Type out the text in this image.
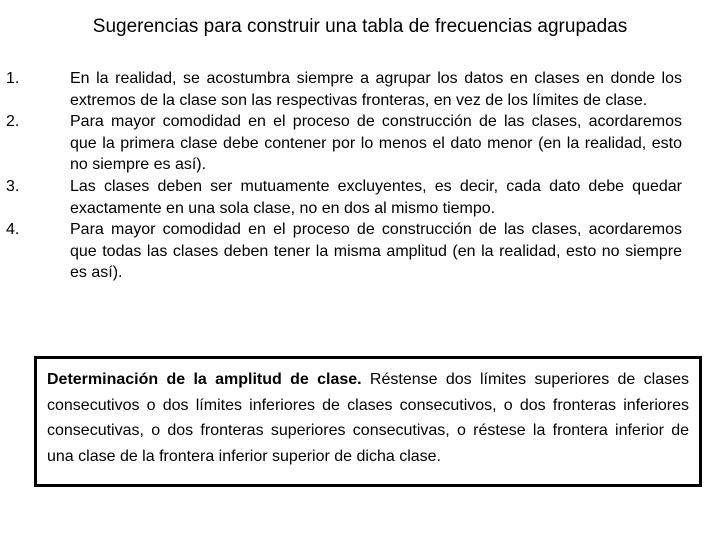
Sugerencias para construir una tabla de frecuencias agrupadas
1.	En la realidad, se acostumbra siempre a agrupar los datos en clases en donde los extremos de la clase son las respectivas fronteras, en vez de los límites de clase.
2.	Para mayor comodidad en el proceso de construcción de las clases, acordaremos que la primera clase debe contener por lo menos el dato menor (en la realidad, esto no siempre es así).
3.	Las clases deben ser mutuamente excluyentes, es decir, cada dato debe quedar exactamente en una sola clase, no en dos al mismo tiempo.
4.	Para mayor comodidad en el proceso de construcción de las clases, acordaremos que todas las clases deben tener la misma amplitud (en la realidad, esto no siempre es así).
Determinación de la amplitud de clase. Réstense dos límites superiores de clases consecutivos o dos límites inferiores de clases consecutivos, o dos fronteras inferiores consecutivas, o dos fronteras superiores consecutivas, o réstese la frontera inferior de una clase de la frontera inferior superior de dicha clase.
